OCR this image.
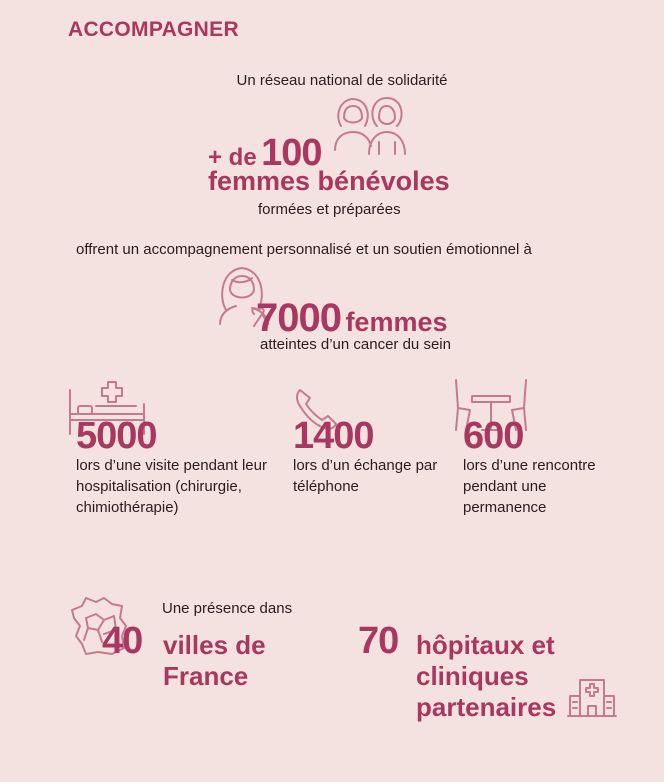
ACCOMPAGNER
Un réseau national de solidarité
+ de 100
femmes bénévoles
formées et préparées
offrent un accompagnement personnalisé et un soutien émotionnel à
7000 femmes
atteintes d’un cancer du sein
5000
lors d’une visite pendant leur hospitalisation (chirurgie, chimiothérapie)
1400
lors d’un échange par téléphone
600
lors d’une rencontre pendant une permanence
Une présence dans
40 villes de France
70 hôpitaux et cliniques partenaires
